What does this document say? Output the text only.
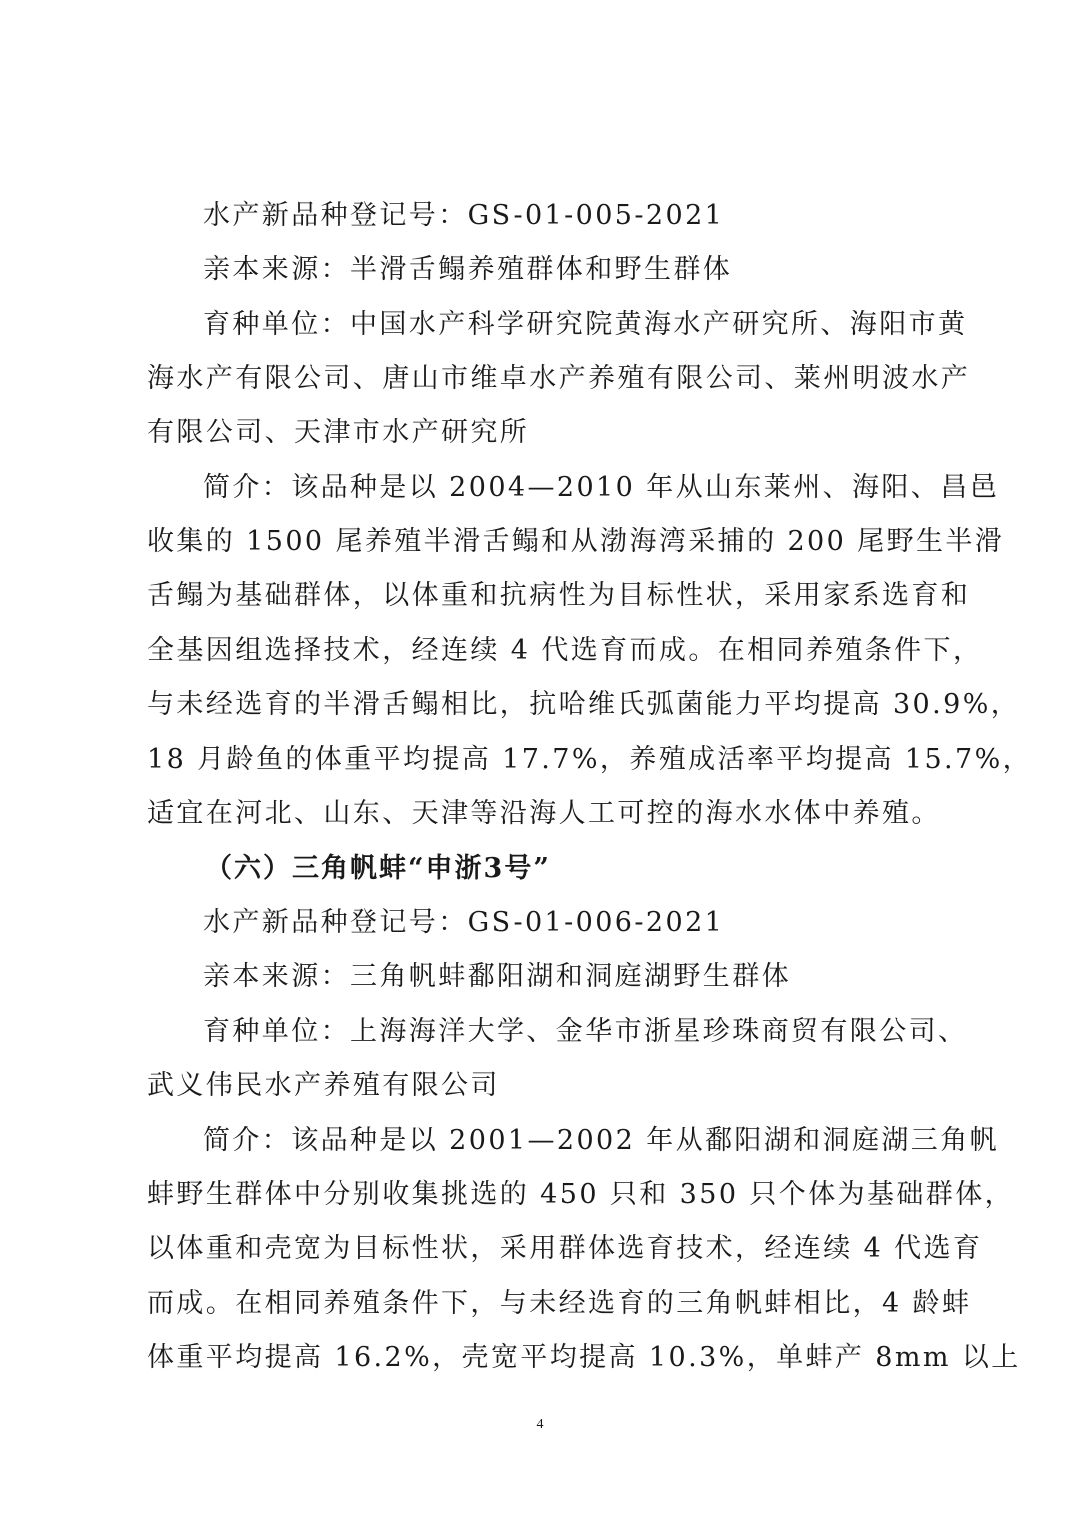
水产新品种登记号：GS-01-005-2021
亲本来源：半滑舌鳎养殖群体和野生群体
育种单位：中国水产科学研究院黄海水产研究所、海阳市黄
海水产有限公司、唐山市维卓水产养殖有限公司、莱州明波水产
有限公司、天津市水产研究所
简介：该品种是以 2004—2010 年从山东莱州、海阳、昌邑
收集的 1500 尾养殖半滑舌鳎和从渤海湾采捕的 200 尾野生半滑
舌鳎为基础群体，以体重和抗病性为目标性状，采用家系选育和
全基因组选择技术，经连续 4 代选育而成。在相同养殖条件下，
与未经选育的半滑舌鳎相比，抗哈维氏弧菌能力平均提高 30.9%，
18 月龄鱼的体重平均提高 17.7%，养殖成活率平均提高 15.7%，
适宜在河北、山东、天津等沿海人工可控的海水水体中养殖。
（六）三角帆蚌“申浙3号”
水产新品种登记号：GS-01-006-2021
亲本来源：三角帆蚌鄱阳湖和洞庭湖野生群体
育种单位：上海海洋大学、金华市浙星珍珠商贸有限公司、
武义伟民水产养殖有限公司
简介：该品种是以 2001—2002 年从鄱阳湖和洞庭湖三角帆
蚌野生群体中分别收集挑选的 450 只和 350 只个体为基础群体，
以体重和壳宽为目标性状，采用群体选育技术，经连续 4 代选育
而成。在相同养殖条件下，与未经选育的三角帆蚌相比，4 龄蚌
体重平均提高 16.2%，壳宽平均提高 10.3%，单蚌产 8mm 以上
4
